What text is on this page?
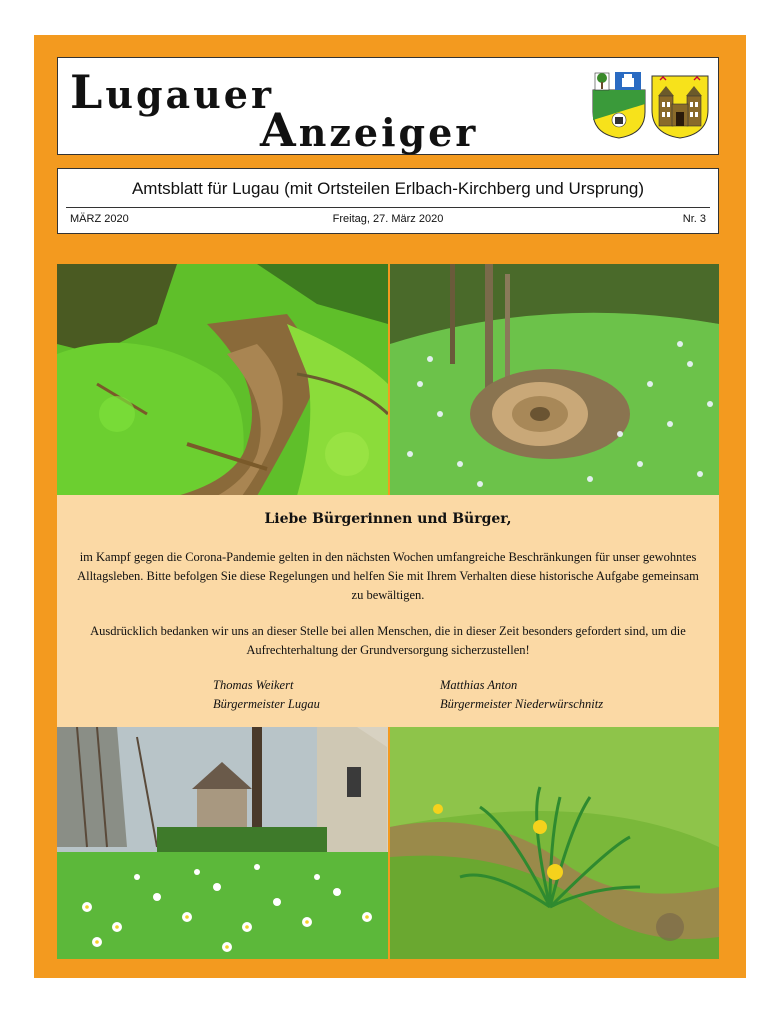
Lugauer
Anzeiger
Amtsblatt für Lugau (mit Ortsteilen Erlbach-Kirchberg und Ursprung)
MÄRZ 2020	Freitag, 27. März 2020	Nr. 3
Liebe Bürgerinnen und Bürger,

im Kampf gegen die Corona-Pandemie gelten in den nächsten Wochen umfangreiche Beschränkungen für unser gewohntes Alltagsleben. Bitte befolgen Sie diese Regelungen und helfen Sie mit Ihrem Verhalten diese historische Aufgabe gemeinsam zu bewältigen.

Ausdrücklich bedanken wir uns an dieser Stelle bei allen Menschen, die in dieser Zeit besonders gefordert sind, um die Aufrechterhaltung der Grundversorgung sicherzustellen!

Thomas Weikert
Bürgermeister Lugau
Matthias Anton
Bürgermeister Niederwürschnitz
